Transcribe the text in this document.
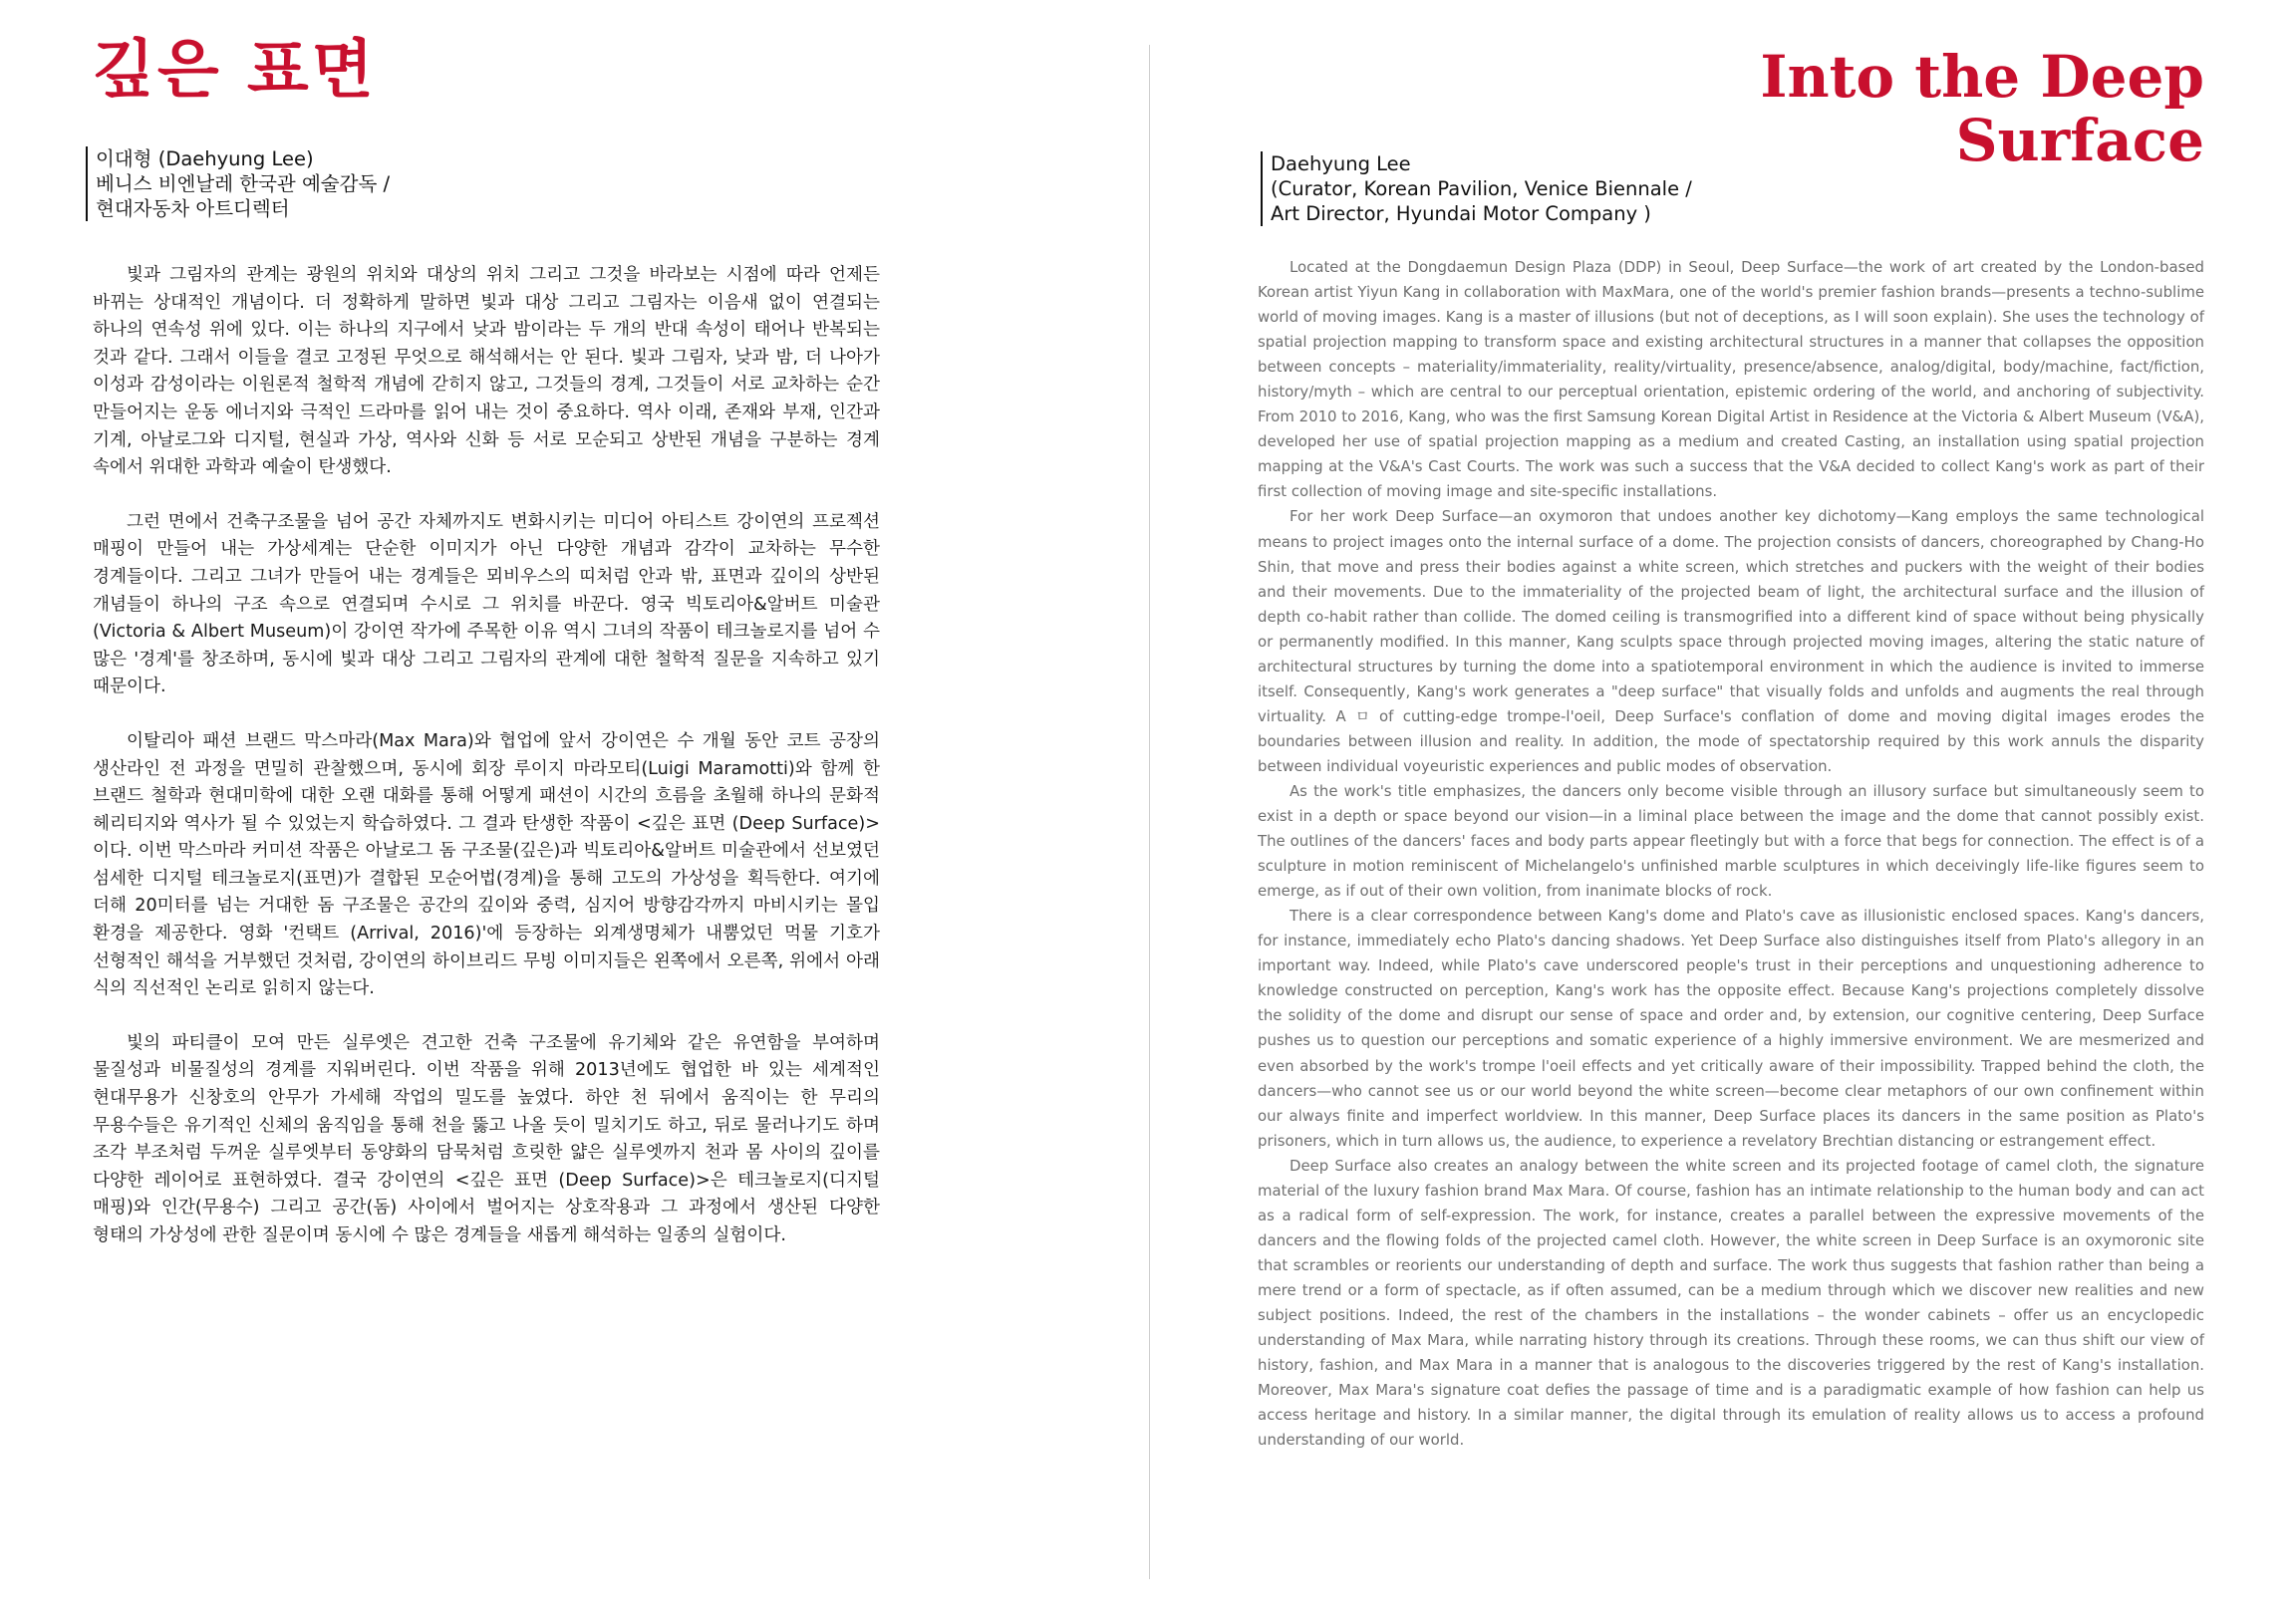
깊은 표면
이대형 (Daehyung Lee)
베니스 비엔날레 한국관 예술감독 /
현대자동차 아트디렉터

빛과 그림자의 관계는 광원의 위치와 대상의 위치 그리고 그것을 바라보는 시점에 따라 언제든 바뀌는 상대적인 개념이다. 더 정확하게 말하면 빛과 대상 그리고 그림자는 이음새 없이 연결되는 하나의 연속성 위에 있다. 이는 하나의 지구에서 낮과 밤이라는 두 개의 반대 속성이 태어나 반복되는 것과 같다. 그래서 이들을 결코 고정된 무엇으로 해석해서는 안 된다. 빛과 그림자, 낮과 밤, 더 나아가 이성과 감성이라는 이원론적 철학적 개념에 갇히지 않고, 그것들의 경계, 그것들이 서로 교차하는 순간 만들어지는 운동 에너지와 극적인 드라마를 읽어 내는 것이 중요하다. 역사 이래, 존재와 부재, 인간과 기계, 아날로그와 디지털, 현실과 가상, 역사와 신화 등 서로 모순되고 상반된 개념을 구분하는 경계 속에서 위대한 과학과 예술이 탄생했다.

그런 면에서 건축구조물을 넘어 공간 자체까지도 변화시키는 미디어 아티스트 강이연의 프로젝션 매핑이 만들어 내는 가상세계는 단순한 이미지가 아닌 다양한 개념과 감각이 교차하는 무수한 경계들이다. 그리고 그녀가 만들어 내는 경계들은 뫼비우스의 띠처럼 안과 밖, 표면과 깊이의 상반된 개념들이 하나의 구조 속으로 연결되며 수시로 그 위치를 바꾼다. 영국 빅토리아&알버트 미술관(Victoria & Albert Museum)이 강이연 작가에 주목한 이유 역시 그녀의 작품이 테크놀로지를 넘어 수 많은 '경계'를 창조하며, 동시에 빛과 대상 그리고 그림자의 관계에 대한 철학적 질문을 지속하고 있기 때문이다.

이탈리아 패션 브랜드 막스마라(Max Mara)와 협업에 앞서 강이연은 수 개월 동안 코트 공장의 생산라인 전 과정을 면밀히 관찰했으며, 동시에 회장 루이지 마라모티(Luigi Maramotti)와 함께 한 브랜드 철학과 현대미학에 대한 오랜 대화를 통해 어떻게 패션이 시간의 흐름을 초월해 하나의 문화적 헤리티지와 역사가 될 수 있었는지 학습하였다. 그 결과 탄생한 작품이 <깊은 표면 (Deep Surface)>이다. 이번 막스마라 커미션 작품은 아날로그 돔 구조물(깊은)과 빅토리아&알버트 미술관에서 선보였던 섬세한 디지털 테크놀로지(표면)가 결합된 모순어법(경계)을 통해 고도의 가상성을 획득한다. 여기에 더해 20미터를 넘는 거대한 돔 구조물은 공간의 깊이와 중력, 심지어 방향감각까지 마비시키는 몰입 환경을 제공한다. 영화 '컨택트 (Arrival, 2016)'에 등장하는 외계생명체가 내뿜었던 먹물 기호가 선형적인 해석을 거부했던 것처럼, 강이연의 하이브리드 무빙 이미지들은 왼쪽에서 오른쪽, 위에서 아래 식의 직선적인 논리로 읽히지 않는다.

빛의 파티클이 모여 만든 실루엣은 견고한 건축 구조물에 유기체와 같은 유연함을 부여하며 물질성과 비물질성의 경계를 지워버린다. 이번 작품을 위해 2013년에도 협업한 바 있는 세계적인 현대무용가 신창호의 안무가 가세해 작업의 밀도를 높였다. 하얀 천 뒤에서 움직이는 한 무리의 무용수들은 유기적인 신체의 움직임을 통해 천을 뚫고 나올 듯이 밀치기도 하고, 뒤로 물러나기도 하며 조각 부조처럼 두꺼운 실루엣부터 동양화의 담묵처럼 흐릿한 얇은 실루엣까지 천과 몸 사이의 깊이를 다양한 레이어로 표현하였다. 결국 강이연의 <깊은 표면 (Deep Surface)>은 테크놀로지(디지털 매핑)와 인간(무용수) 그리고 공간(돔) 사이에서 벌어지는 상호작용과 그 과정에서 생산된 다양한 형태의 가상성에 관한 질문이며 동시에 수 많은 경계들을 새롭게 해석하는 일종의 실험이다.

Into the Deep
Surface
Daehyung Lee
(Curator, Korean Pavilion, Venice Biennale /
Art Director, Hyundai Motor Company )

Located at the Dongdaemun Design Plaza (DDP) in Seoul, Deep Surface—the work of art created by the London-based Korean artist Yiyun Kang in collaboration with MaxMara, one of the world's premier fashion brands—presents a techno-sublime world of moving images. Kang is a master of illusions (but not of deceptions, as I will soon explain). She uses the technology of spatial projection mapping to transform space and existing architectural structures in a manner that collapses the opposition between concepts – materiality/immateriality, reality/virtuality, presence/absence, analog/digital, body/machine, fact/fiction, history/myth – which are central to our perceptual orientation, epistemic ordering of the world, and anchoring of subjectivity. From 2010 to 2016, Kang, who was the first Samsung Korean Digital Artist in Residence at the Victoria & Albert Museum (V&A), developed her use of spatial projection mapping as a medium and created Casting, an installation using spatial projection mapping at the V&A's Cast Courts. The work was such a success that the V&A decided to collect Kang's work as part of their first collection of moving image and site-specific installations.

For her work Deep Surface—an oxymoron that undoes another key dichotomy—Kang employs the same technological means to project images onto the internal surface of a dome. The projection consists of dancers, choreographed by Chang-Ho Shin, that move and press their bodies against a white screen, which stretches and puckers with the weight of their bodies and their movements. Due to the immateriality of the projected beam of light, the architectural surface and the illusion of depth co-habit rather than collide. The domed ceiling is transmogrified into a different kind of space without being physically or permanently modified. In this manner, Kang sculpts space through projected moving images, altering the static nature of architectural structures by turning the dome into a spatiotemporal environment in which the audience is invited to immerse itself. Consequently, Kang's work generates a "deep surface" that visually folds and unfolds and augments the real through virtuality. A ㅁ of cutting-edge trompe-l'oeil, Deep Surface's conflation of dome and moving digital images erodes the boundaries between illusion and reality. In addition, the mode of spectatorship required by this work annuls the disparity between individual voyeuristic experiences and public modes of observation.

As the work's title emphasizes, the dancers only become visible through an illusory surface but simultaneously seem to exist in a depth or space beyond our vision—in a liminal place between the image and the dome that cannot possibly exist. The outlines of the dancers' faces and body parts appear fleetingly but with a force that begs for connection. The effect is of a sculpture in motion reminiscent of Michelangelo's unfinished marble sculptures in which deceivingly life-like figures seem to emerge, as if out of their own volition, from inanimate blocks of rock.

There is a clear correspondence between Kang's dome and Plato's cave as illusionistic enclosed spaces. Kang's dancers, for instance, immediately echo Plato's dancing shadows. Yet Deep Surface also distinguishes itself from Plato's allegory in an important way. Indeed, while Plato's cave underscored people's trust in their perceptions and unquestioning adherence to knowledge constructed on perception, Kang's work has the opposite effect. Because Kang's projections completely dissolve the solidity of the dome and disrupt our sense of space and order and, by extension, our cognitive centering, Deep Surface pushes us to question our perceptions and somatic experience of a highly immersive environment. We are mesmerized and even absorbed by the work's trompe l'oeil effects and yet critically aware of their impossibility. Trapped behind the cloth, the dancers—who cannot see us or our world beyond the white screen—become clear metaphors of our own confinement within our always finite and imperfect worldview. In this manner, Deep Surface places its dancers in the same position as Plato's prisoners, which in turn allows us, the audience, to experience a revelatory Brechtian distancing or estrangement effect.

Deep Surface also creates an analogy between the white screen and its projected footage of camel cloth, the signature material of the luxury fashion brand Max Mara. Of course, fashion has an intimate relationship to the human body and can act as a radical form of self-expression. The work, for instance, creates a parallel between the expressive movements of the dancers and the flowing folds of the projected camel cloth. However, the white screen in Deep Surface is an oxymoronic site that scrambles or reorients our understanding of depth and surface. The work thus suggests that fashion rather than being a mere trend or a form of spectacle, as if often assumed, can be a medium through which we discover new realities and new subject positions. Indeed, the rest of the chambers in the installations – the wonder cabinets – offer us an encyclopedic understanding of Max Mara, while narrating history through its creations. Through these rooms, we can thus shift our view of history, fashion, and Max Mara in a manner that is analogous to the discoveries triggered by the rest of Kang's installation. Moreover, Max Mara's signature coat defies the passage of time and is a paradigmatic example of how fashion can help us access heritage and history. In a similar manner, the digital through its emulation of reality allows us to access a profound understanding of our world.
